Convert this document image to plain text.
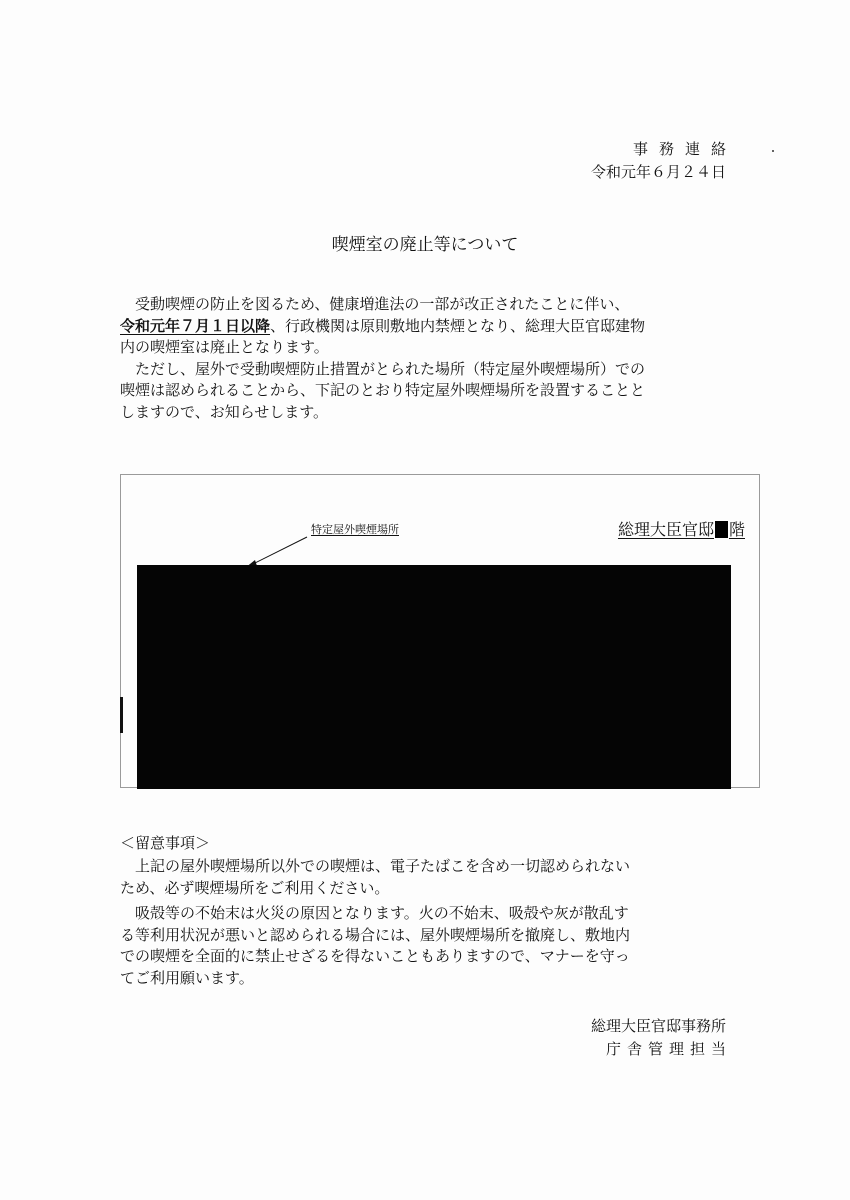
事務連絡
令和元年６月２４日
喫煙室の廃止等について
受動喫煙の防止を図るため、健康増進法の一部が改正されたことに伴い、
令和元年７月１日以降、行政機関は原則敷地内禁煙となり、総理大臣官邸建物
内の喫煙室は廃止となります。
ただし、屋外で受動喫煙防止措置がとられた場所（特定屋外喫煙場所）での
喫煙は認められることから、下記のとおり特定屋外喫煙場所を設置することと
しますので、お知らせします。
特定屋外喫煙場所	総理大臣官邸 階
＜留意事項＞
上記の屋外喫煙場所以外での喫煙は、電子たばこを含め一切認められない
ため、必ず喫煙場所をご利用ください。
吸殻等の不始末は火災の原因となります。火の不始末、吸殻や灰が散乱す
る等利用状況が悪いと認められる場合には、屋外喫煙場所を撤廃し、敷地内
での喫煙を全面的に禁止せざるを得ないこともありますので、マナーを守っ
てご利用願います。
総理大臣官邸事務所
庁舎管理担当
